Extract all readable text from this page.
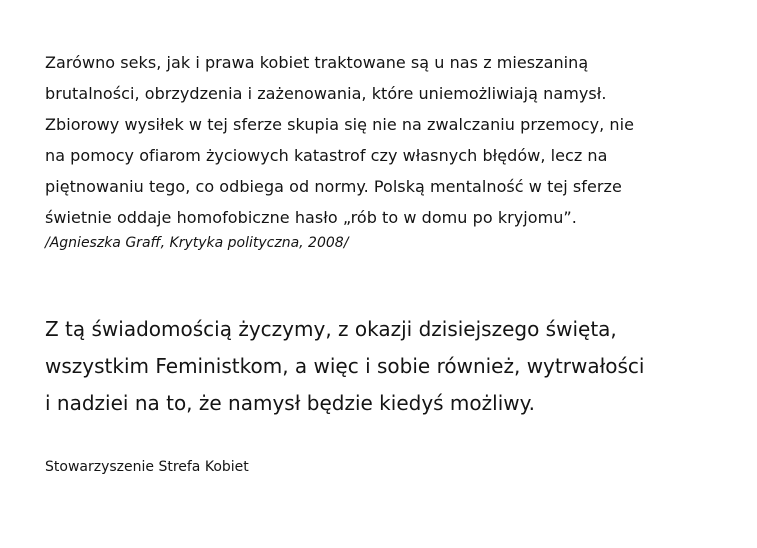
Zarówno seks, jak i prawa kobiet traktowane są u nas z mieszaniną
brutalności, obrzydzenia i zażenowania, które uniemożliwiają namysł.
Zbiorowy wysiłek w tej sferze skupia się nie na zwalczaniu przemocy, nie
na pomocy ofiarom życiowych katastrof czy własnych błędów, lecz na
piętnowaniu tego, co odbiega od normy. Polską mentalność w tej sferze
świetnie oddaje homofobiczne hasło „rób to w domu po kryjomu”.
/Agnieszka Graff, Krytyka polityczna, 2008/
Z tą świadomością życzymy, z okazji dzisiejszego święta,
wszystkim Feministkom, a więc i sobie również, wytrwałości
i nadziei na to, że namysł będzie kiedyś możliwy.
Stowarzyszenie Strefa Kobiet
